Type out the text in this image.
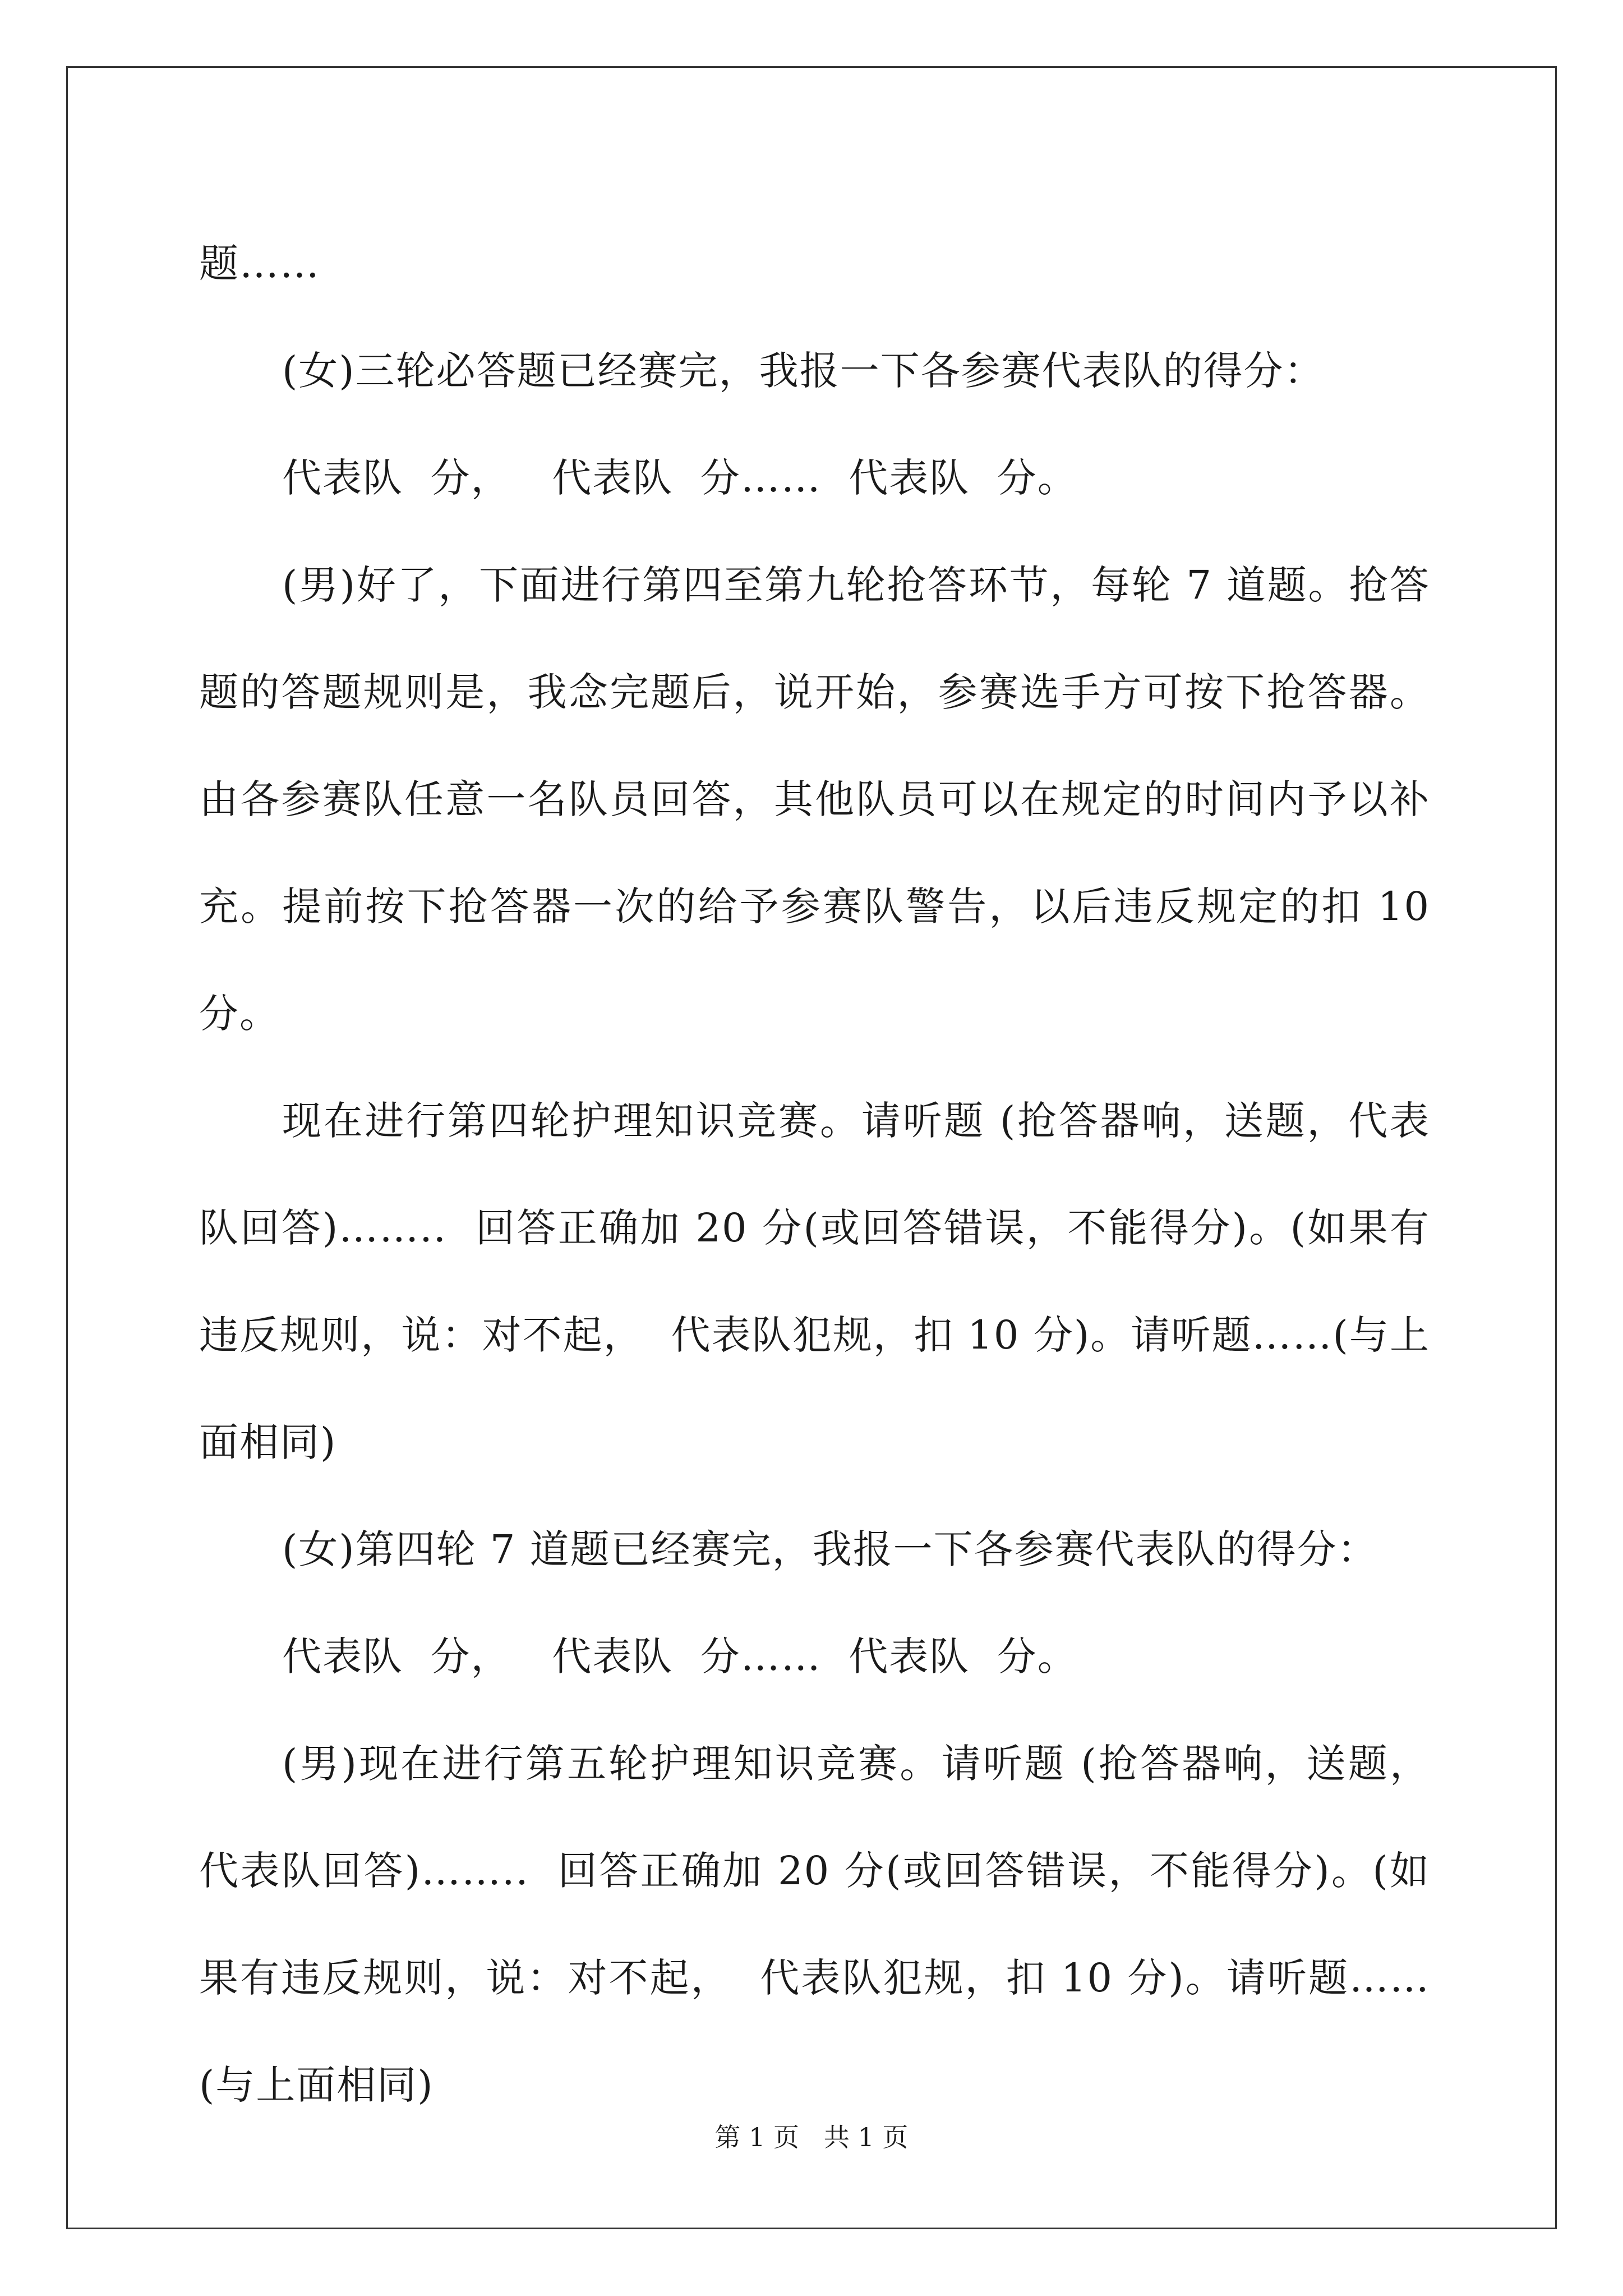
题……

(女)三轮必答题已经赛完，我报一下各参赛代表队的得分：

代表队  分，   代表队  分……  代表队  分。

(男)好了，下面进行第四至第九轮抢答环节，每轮 7 道题。抢答题的答题规则是，我念完题后，说开始，参赛选手方可按下抢答器。由各参赛队任意一名队员回答，其他队员可以在规定的时间内予以补充。提前按下抢答器一次的给予参赛队警告，以后违反规定的扣 10 分。

现在进行第四轮护理知识竞赛。请听题 (抢答器响，送题，代表队回答)……..  回答正确加 20 分(或回答错误，不能得分)。(如果有违反规则，说：对不起，  代表队犯规，扣 10 分)。请听题……(与上面相同)

(女)第四轮 7 道题已经赛完，我报一下各参赛代表队的得分：

代表队  分，   代表队  分……  代表队  分。

(男)现在进行第五轮护理知识竞赛。请听题 (抢答器响，送题，代表队回答)……..  回答正确加 20 分(或回答错误，不能得分)。(如果有违反规则，说：对不起，  代表队犯规，扣 10 分)。请听题……(与上面相同)

第 1 页   共 1 页
